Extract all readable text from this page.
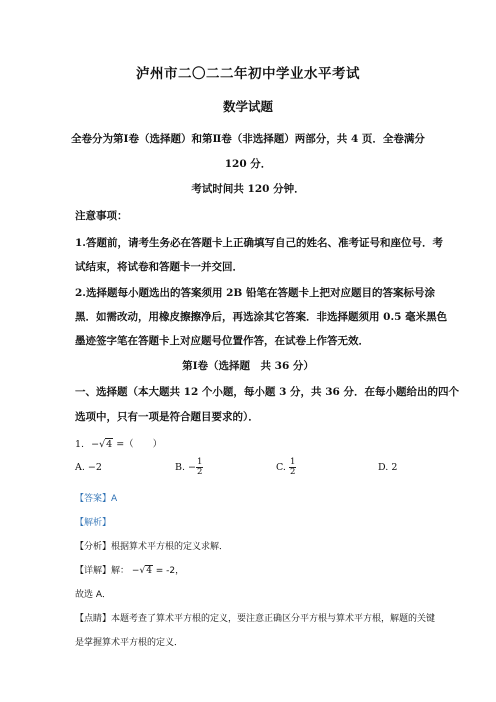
泸州市二〇二二年初中学业水平考试
数学试题
全卷分为第Ⅰ卷（选择题）和第Ⅱ卷（非选择题）两部分，共 4 页．全卷满分
120 分．
考试时间共 120 分钟．
注意事项：
1.答题前，请考生务必在答题卡上正确填写自己的姓名、准考证号和座位号．考
试结束，将试卷和答题卡一并交回．
2.选择题每小题选出的答案须用 2B 铅笔在答题卡上把对应题目的答案标号涂
黑．如需改动，用橡皮擦擦净后，再选涂其它答案．非选择题须用 0.5 毫米黑色
墨迹签字笔在答题卡上对应题号位置作答，在试卷上作答无效．
第Ⅰ卷（选择题　共 36 分）
一、选择题（本大题共 12 个小题，每小题 3 分，共 36 分．在每小题给出的四个
选项中，只有一项是符合题目要求的）．
1. −√4 =（　　）
A. −2	B. − $\frac{1}{2}$	C. $\frac{1}{2}$	D. 2
【答案】A
【解析】
【分析】根据算术平方根的定义求解．
【详解】解： −√4 = -2，
故选 A．
【点睛】本题考查了算术平方根的定义，要注意正确区分平方根与算术平方根，解题的关键
是掌握算术平方根的定义．
